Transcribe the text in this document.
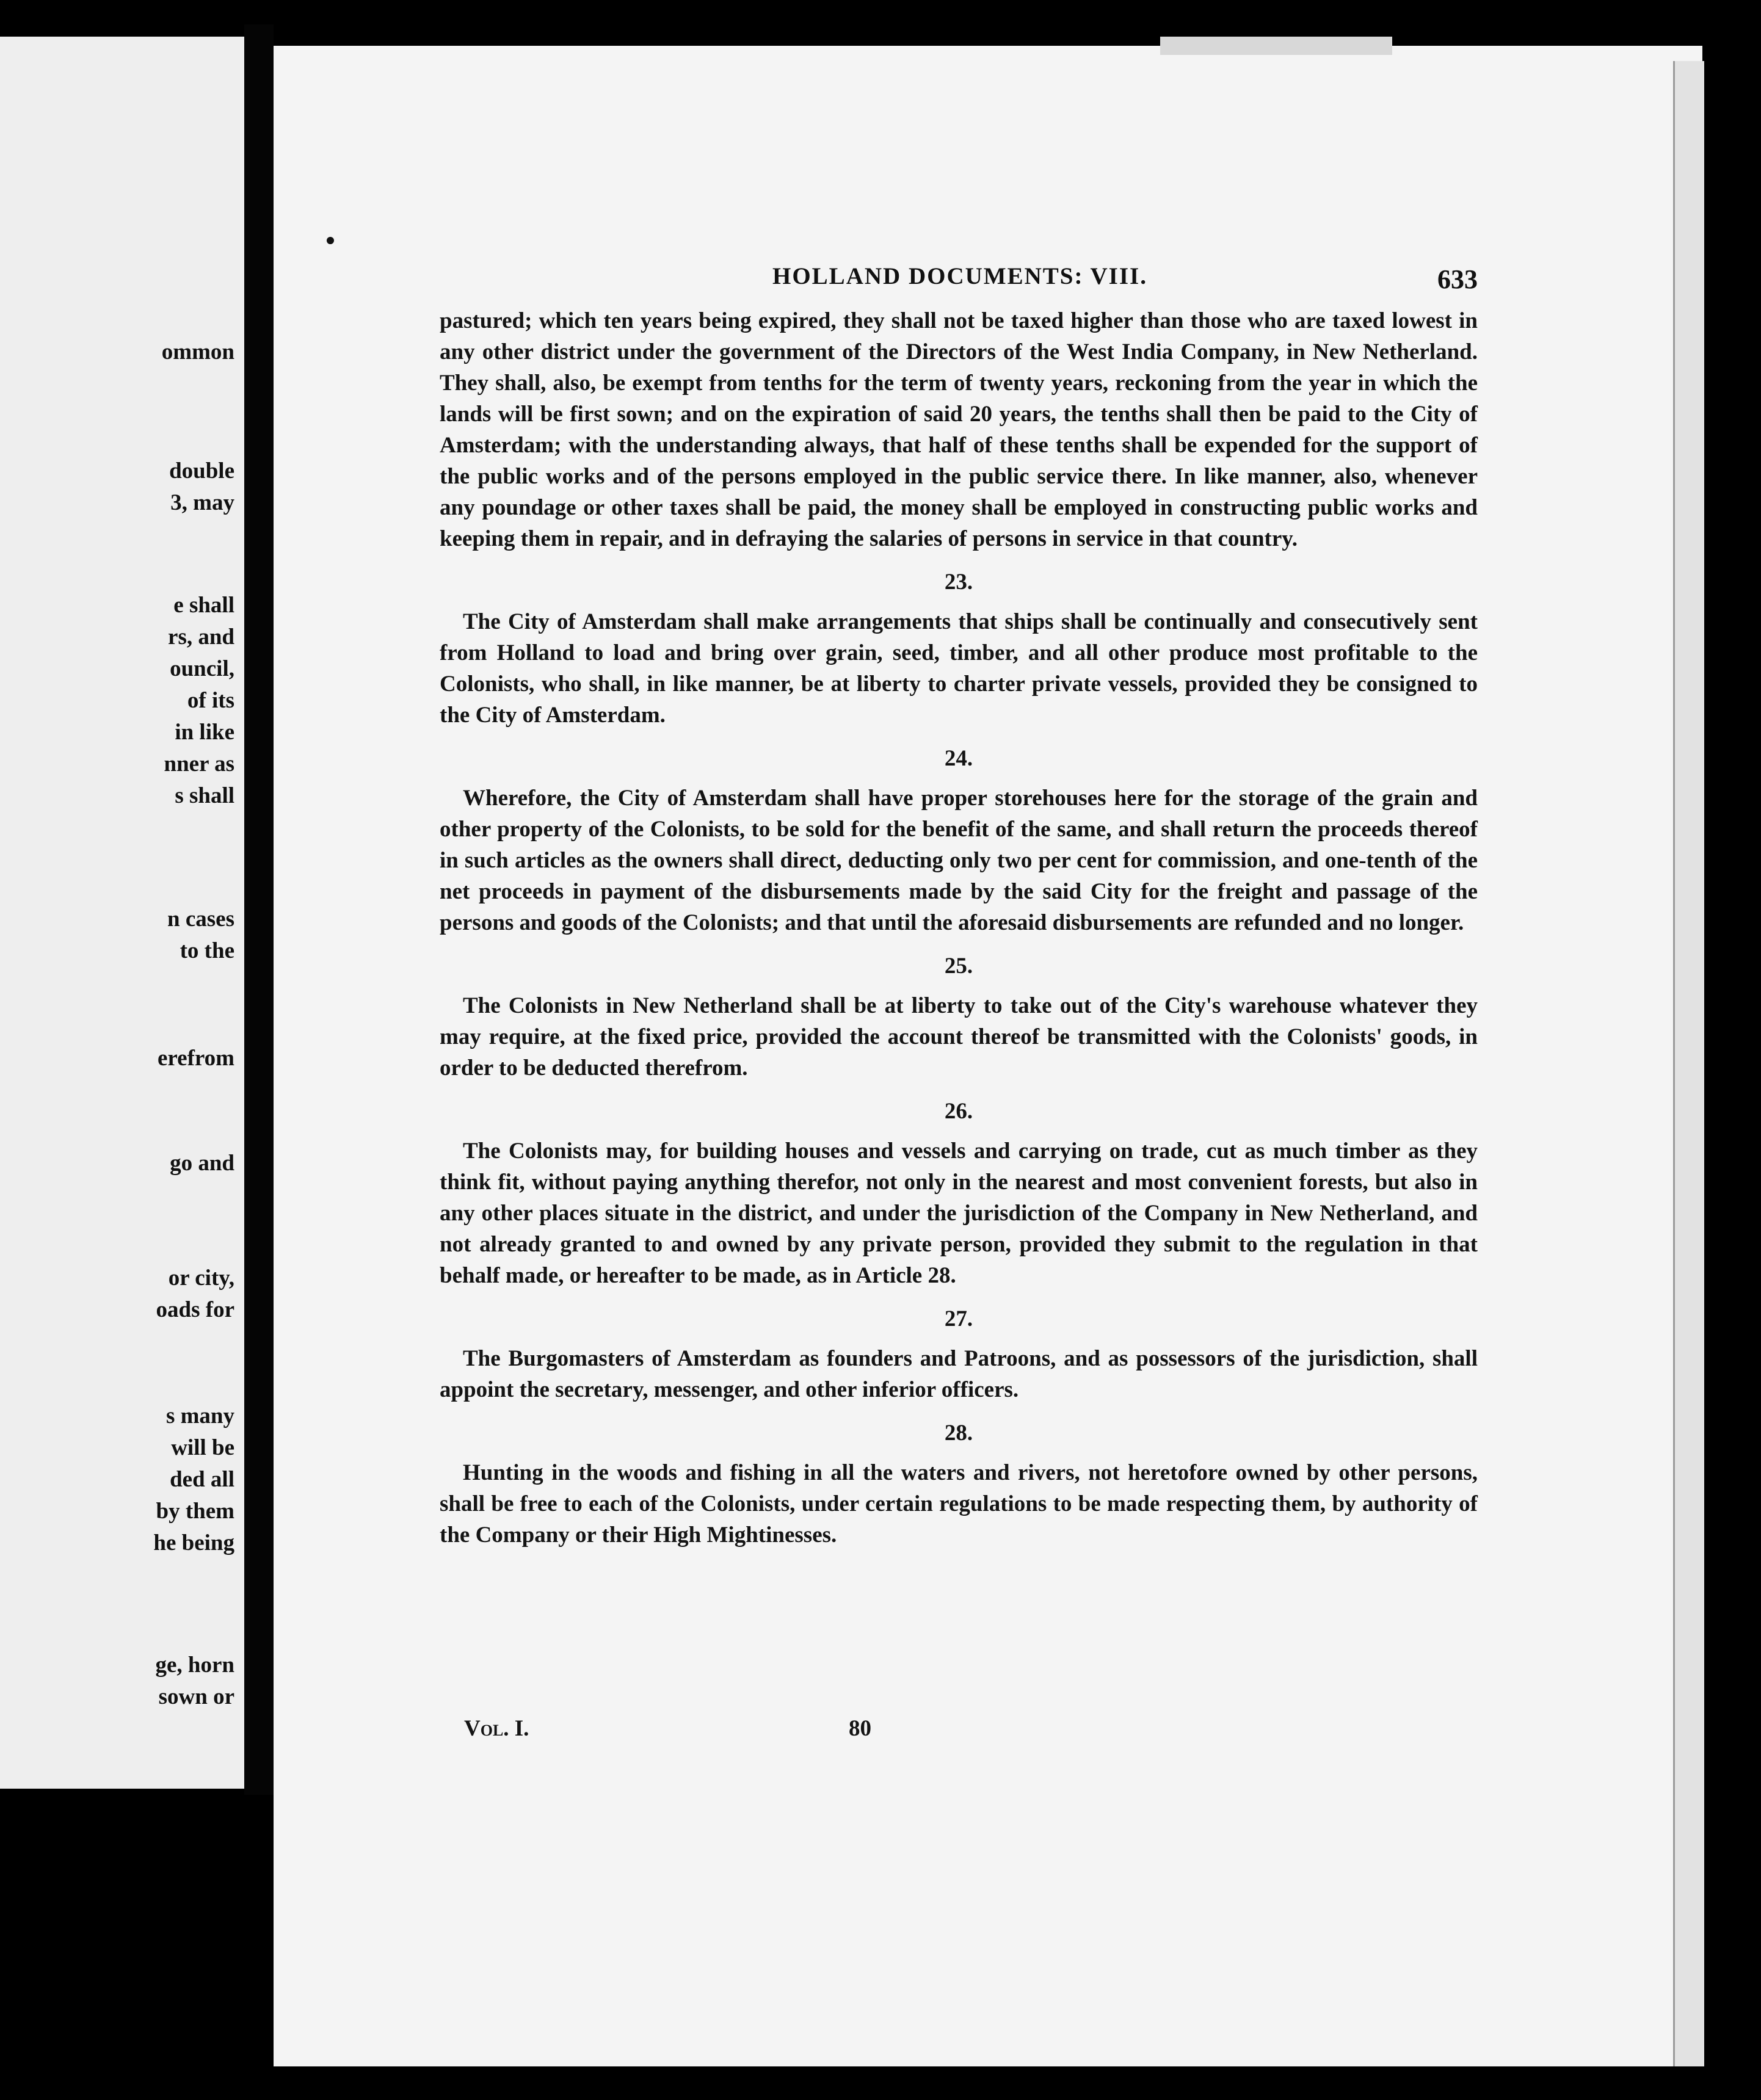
ommon
double
3, may
e shall
rs, and
ouncil,
of its
in like
nner as
s shall
n cases
to the
erefrom
go and
or city,
oads for
s many
will be
ded all
by them
he being
ge, horn
sown or
HOLLAND DOCUMENTS: VIII.	633

pastured; which ten years being expired, they shall not be taxed higher than those who are taxed lowest in any other district under the government of the Directors of the West India Company, in New Netherland. They shall, also, be exempt from tenths for the term of twenty years, reckoning from the year in which the lands will be first sown; and on the expiration of said 20 years, the tenths shall then be paid to the City of Amsterdam; with the understanding always, that half of these tenths shall be expended for the support of the public works and of the persons employed in the public service there. In like manner, also, whenever any poundage or other taxes shall be paid, the money shall be employed in constructing public works and keeping them in repair, and in defraying the salaries of persons in service in that country.

23.

The City of Amsterdam shall make arrangements that ships shall be continually and consecutively sent from Holland to load and bring over grain, seed, timber, and all other produce most profitable to the Colonists, who shall, in like manner, be at liberty to charter private vessels, provided they be consigned to the City of Amsterdam.

24.

Wherefore, the City of Amsterdam shall have proper storehouses here for the storage of the grain and other property of the Colonists, to be sold for the benefit of the same, and shall return the proceeds thereof in such articles as the owners shall direct, deducting only two per cent for commission, and one-tenth of the net proceeds in payment of the disbursements made by the said City for the freight and passage of the persons and goods of the Colonists; and that until the aforesaid disbursements are refunded and no longer.

25.

The Colonists in New Netherland shall be at liberty to take out of the City's warehouse whatever they may require, at the fixed price, provided the account thereof be transmitted with the Colonists' goods, in order to be deducted therefrom.

26.

The Colonists may, for building houses and vessels and carrying on trade, cut as much timber as they think fit, without paying anything therefor, not only in the nearest and most convenient forests, but also in any other places situate in the district, and under the jurisdiction of the Company in New Netherland, and not already granted to and owned by any private person, provided they submit to the regulation in that behalf made, or hereafter to be made, as in Article 28.

27.

The Burgomasters of Amsterdam as founders and Patroons, and as possessors of the jurisdiction, shall appoint the secretary, messenger, and other inferior officers.

28.

Hunting in the woods and fishing in all the waters and rivers, not heretofore owned by other persons, shall be free to each of the Colonists, under certain regulations to be made respecting them, by authority of the Company or their High Mightinesses.

Vol. I.	80
